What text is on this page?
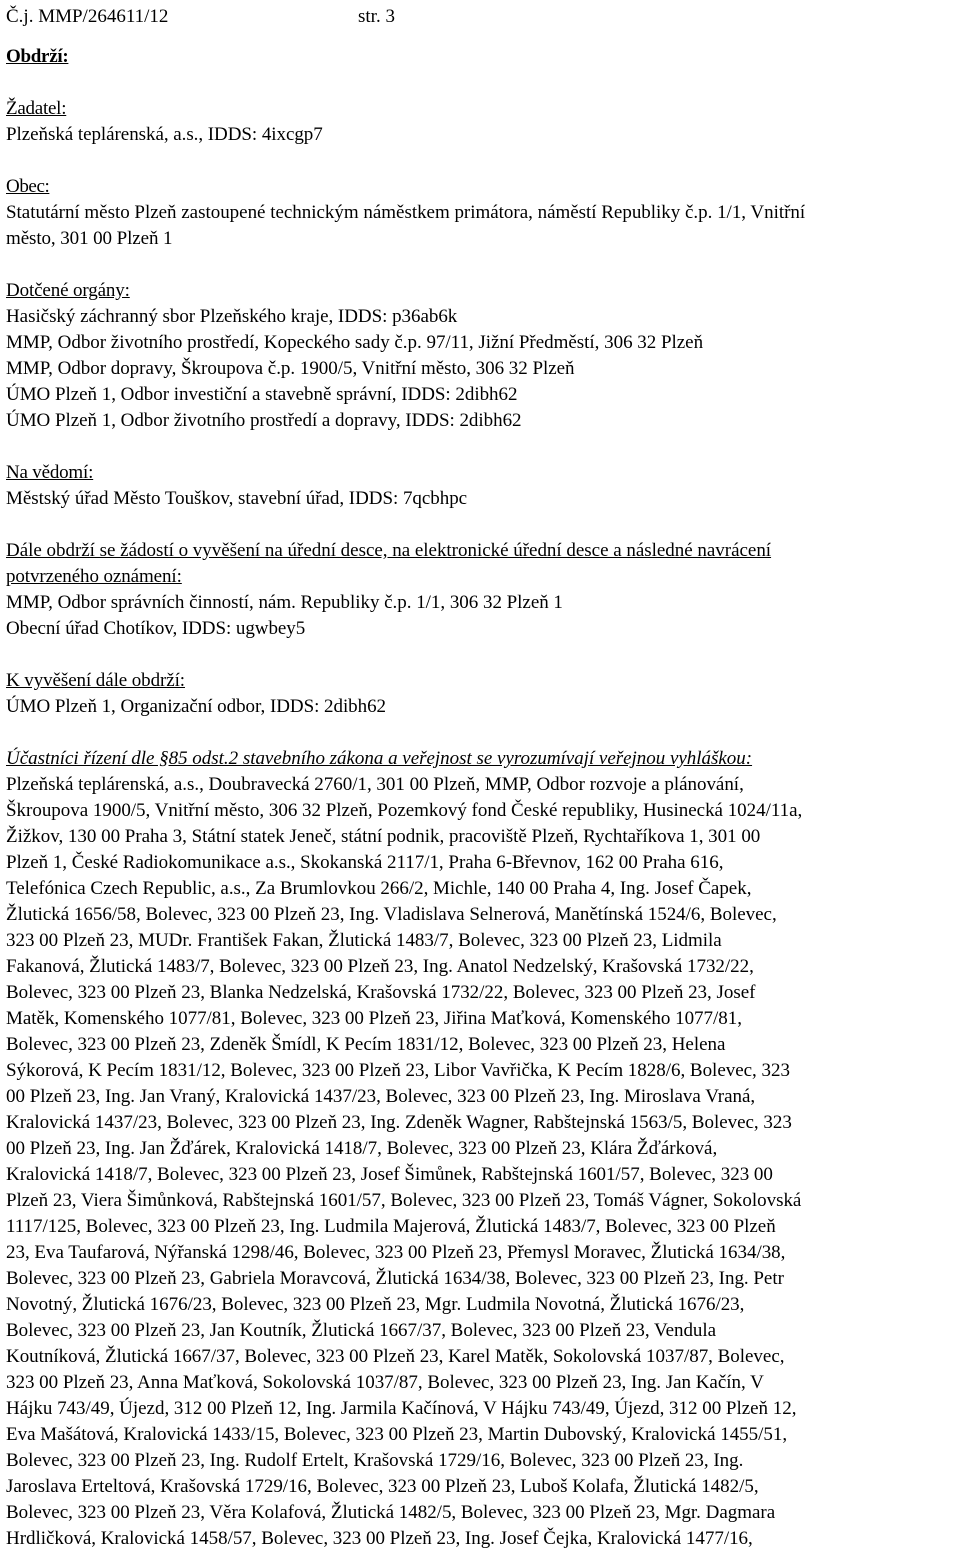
Č.j. MMP/264611/12	str. 3
Obdrží:
Žadatel:
Plzeňská teplárenská, a.s., IDDS: 4ixcgp7
Obec:
Statutární město Plzeň zastoupené technickým náměstkem primátora, náměstí Republiky č.p. 1/1, Vnitřní
město, 301 00 Plzeň 1
Dotčené orgány:
Hasičský záchranný sbor Plzeňského kraje, IDDS: p36ab6k
MMP, Odbor životního prostředí, Kopeckého sady č.p. 97/11, Jižní Předměstí, 306 32 Plzeň
MMP, Odbor dopravy, Škroupova č.p. 1900/5, Vnitřní město, 306 32 Plzeň
ÚMO Plzeň 1, Odbor investiční a stavebně správní, IDDS: 2dibh62
ÚMO Plzeň 1, Odbor životního prostředí a dopravy, IDDS: 2dibh62
Na vědomí:
Městský úřad Město Touškov, stavební úřad, IDDS: 7qcbhpc
Dále obdrží se žádostí o vyvěšení na úřední desce, na elektronické úřední desce a následné navrácení
potvrzeného oznámení:
MMP, Odbor správních činností, nám. Republiky č.p. 1/1, 306 32 Plzeň 1
Obecní úřad Chotíkov, IDDS: ugwbey5
K vyvěšení dále obdrží:
ÚMO Plzeň 1, Organizační odbor, IDDS: 2dibh62
Účastníci řízení dle §85 odst.2 stavebního zákona a veřejnost se vyrozumívají veřejnou vyhláškou:
Plzeňská teplárenská, a.s., Doubravecká 2760/1, 301 00 Plzeň, MMP, Odbor rozvoje a plánování,
Škroupova 1900/5, Vnitřní město, 306 32 Plzeň, Pozemkový fond České republiky, Husinecká 1024/11a,
Žižkov, 130 00 Praha 3, Státní statek Jeneč, státní podnik, pracoviště Plzeň, Rychtaříkova 1, 301 00
Plzeň 1, České Radiokomunikace a.s., Skokanská 2117/1, Praha 6-Břevnov, 162 00 Praha 616,
Telefónica Czech Republic, a.s., Za Brumlovkou 266/2, Michle, 140 00 Praha 4, Ing. Josef Čapek,
Žlutická 1656/58, Bolevec, 323 00 Plzeň 23, Ing. Vladislava Selnerová, Manětínská 1524/6, Bolevec,
323 00 Plzeň 23, MUDr. František Fakan, Žlutická 1483/7, Bolevec, 323 00 Plzeň 23, Lidmila
Fakanová, Žlutická 1483/7, Bolevec, 323 00 Plzeň 23, Ing. Anatol Nedzelský, Krašovská 1732/22,
Bolevec, 323 00 Plzeň 23, Blanka Nedzelská, Krašovská 1732/22, Bolevec, 323 00 Plzeň 23, Josef
Matěk, Komenského 1077/81, Bolevec, 323 00 Plzeň 23, Jiřina Maťková, Komenského 1077/81,
Bolevec, 323 00 Plzeň 23, Zdeněk Šmídl, K Pecím 1831/12, Bolevec, 323 00 Plzeň 23, Helena
Sýkorová, K Pecím 1831/12, Bolevec, 323 00 Plzeň 23, Libor Vavřička, K Pecím 1828/6, Bolevec, 323
00 Plzeň 23, Ing. Jan Vraný, Kralovická 1437/23, Bolevec, 323 00 Plzeň 23, Ing. Miroslava Vraná,
Kralovická 1437/23, Bolevec, 323 00 Plzeň 23, Ing. Zdeněk Wagner, Rabštejnská 1563/5, Bolevec, 323
00 Plzeň 23, Ing. Jan Žďárek, Kralovická 1418/7, Bolevec, 323 00 Plzeň 23, Klára Žďárková,
Kralovická 1418/7, Bolevec, 323 00 Plzeň 23, Josef Šimůnek, Rabštejnská 1601/57, Bolevec, 323 00
Plzeň 23, Viera Šimůnková, Rabštejnská 1601/57, Bolevec, 323 00 Plzeň 23, Tomáš Vágner, Sokolovská
1117/125, Bolevec, 323 00 Plzeň 23, Ing. Ludmila Majerová, Žlutická 1483/7, Bolevec, 323 00 Plzeň
23, Eva Taufarová, Nýřanská 1298/46, Bolevec, 323 00 Plzeň 23, Přemysl Moravec, Žlutická 1634/38,
Bolevec, 323 00 Plzeň 23, Gabriela Moravcová, Žlutická 1634/38, Bolevec, 323 00 Plzeň 23, Ing. Petr
Novotný, Žlutická 1676/23, Bolevec, 323 00 Plzeň 23, Mgr. Ludmila Novotná, Žlutická 1676/23,
Bolevec, 323 00 Plzeň 23, Jan Koutník, Žlutická 1667/37, Bolevec, 323 00 Plzeň 23, Vendula
Koutníková, Žlutická 1667/37, Bolevec, 323 00 Plzeň 23, Karel Matěk, Sokolovská 1037/87, Bolevec,
323 00 Plzeň 23, Anna Maťková, Sokolovská 1037/87, Bolevec, 323 00 Plzeň 23, Ing. Jan Kačín, V
Hájku 743/49, Újezd, 312 00 Plzeň 12, Ing. Jarmila Kačínová, V Hájku 743/49, Újezd, 312 00 Plzeň 12,
Eva Mašátová, Kralovická 1433/15, Bolevec, 323 00 Plzeň 23, Martin Dubovský, Kralovická 1455/51,
Bolevec, 323 00 Plzeň 23, Ing. Rudolf Ertelt, Krašovská 1729/16, Bolevec, 323 00 Plzeň 23, Ing.
Jaroslava Erteltová, Krašovská 1729/16, Bolevec, 323 00 Plzeň 23, Luboš Kolafa, Žlutická 1482/5,
Bolevec, 323 00 Plzeň 23, Věra Kolafová, Žlutická 1482/5, Bolevec, 323 00 Plzeň 23, Mgr. Dagmara
Hrdličková, Kralovická 1458/57, Bolevec, 323 00 Plzeň 23, Ing. Josef Čejka, Kralovická 1477/16,
